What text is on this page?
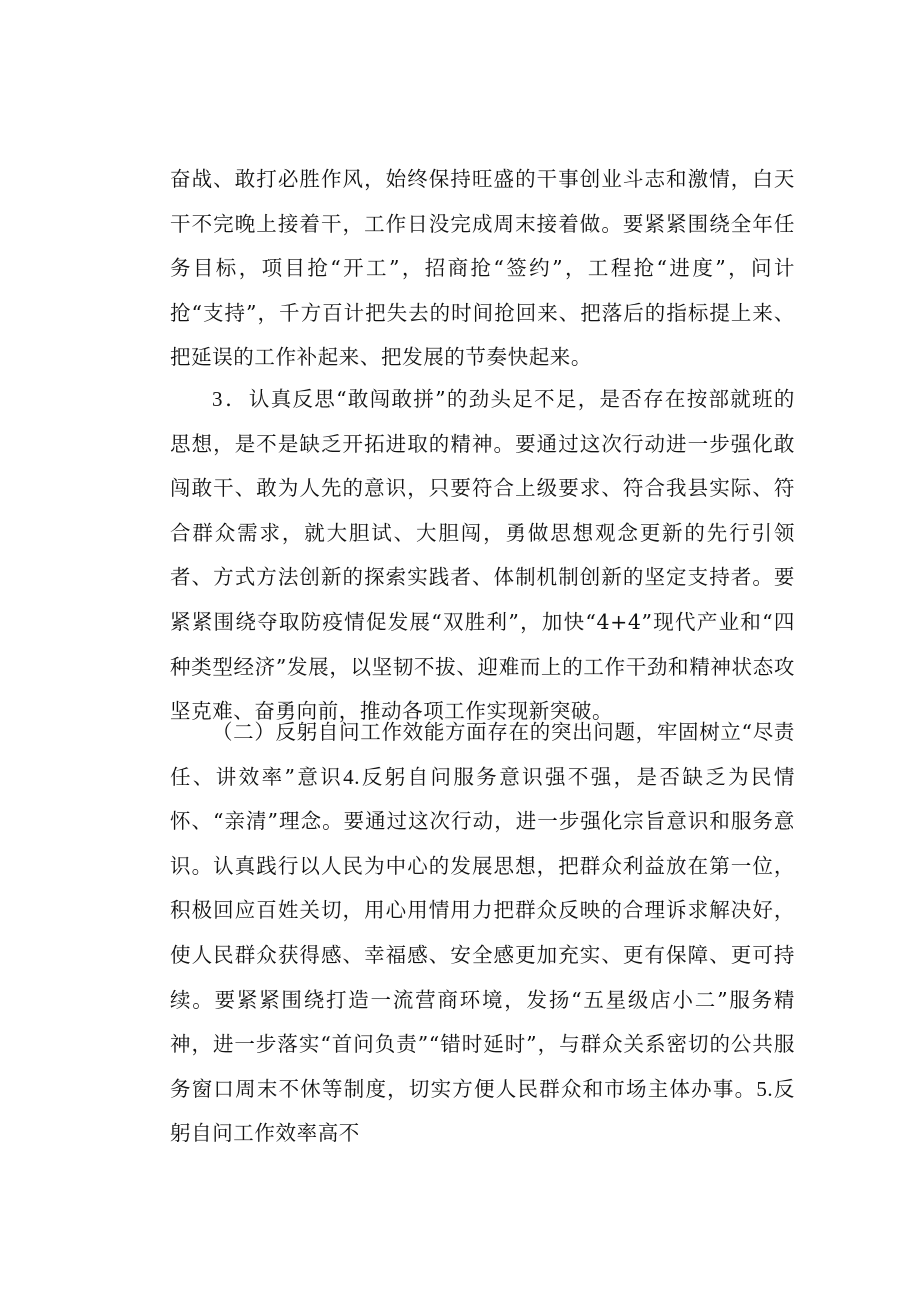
奋战、敢打必胜作风，始终保持旺盛的干事创业斗志和激情，白天干不完晚上接着干，工作日没完成周末接着做。要紧紧围绕全年任务目标，项目抢“开工”，招商抢“签约”，工程抢“进度”，问计抢“支持”，千方百计把失去的时间抢回来、把落后的指标提上来、把延误的工作补起来、把发展的节奏快起来。

3．认真反思“敢闯敢拼”的劲头足不足，是否存在按部就班的思想，是不是缺乏开拓进取的精神。要通过这次行动进一步强化敢闯敢干、敢为人先的意识，只要符合上级要求、符合我县实际、符合群众需求，就大胆试、大胆闯，勇做思想观念更新的先行引领者、方式方法创新的探索实践者、体制机制创新的坚定支持者。要紧紧围绕夺取防疫情促发展“双胜利”，加快“4+4”现代产业和“四种类型经济”发展，以坚韧不拔、迎难而上的工作干劲和精神状态攻坚克难、奋勇向前，推动各项工作实现新突破。

（二）反躬自问工作效能方面存在的突出问题，牢固树立“尽责任、讲效率”意识4.反躬自问服务意识强不强，是否缺乏为民情怀、“亲清”理念。要通过这次行动，进一步强化宗旨意识和服务意识。认真践行以人民为中心的发展思想，把群众利益放在第一位，积极回应百姓关切，用心用情用力把群众反映的合理诉求解决好，使人民群众获得感、幸福感、安全感更加充实、更有保障、更可持续。要紧紧围绕打造一流营商环境，发扬“五星级店小二”服务精神，进一步落实“首问负责”“错时延时”，与群众关系密切的公共服务窗口周末不休等制度，切实方便人民群众和市场主体办事。5.反躬自问工作效率高不
